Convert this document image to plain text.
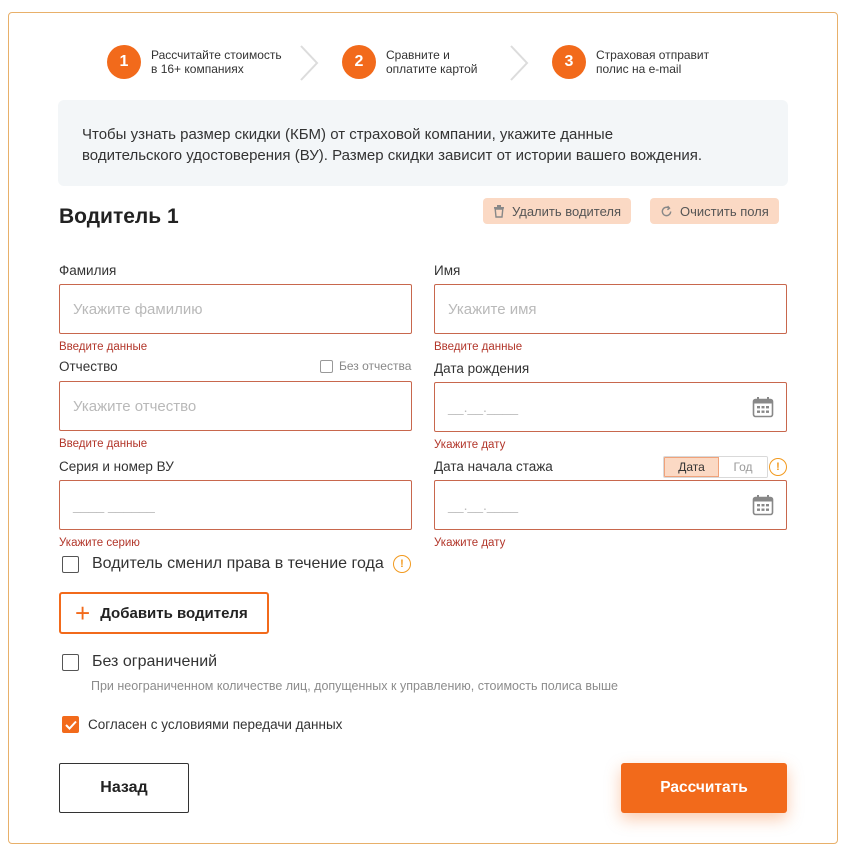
1	Рассчитайте стоимость
в 16+ компаниях	2	Сравните и
оплатите картой	3	Страховая отправит
полис на e-mail
Чтобы узнать размер скидки (КБМ) от страховой компании, укажите данные
водительского удостоверения (ВУ). Размер скидки зависит от истории вашего вождения.
Водитель 1	Удалить водителя	Очистить поля
Фамилия
Укажите фамилию
Введите данные
Имя
Укажите имя
Введите данные
Отчество	Без отчества
Укажите отчество
Введите данные
Дата рождения
__.__.____
Укажите дату
Серия и номер ВУ
____ ______
Укажите серию
Дата начала стажа	Дата	Год	!
__.__.____
Укажите дату
Водитель сменил права в течение года	!
+ Добавить водителя
Без ограничений
При неограниченном количестве лиц, допущенных к управлению, стоимость полиса выше
Согласен с условиями передачи данных
Назад	Рассчитать
